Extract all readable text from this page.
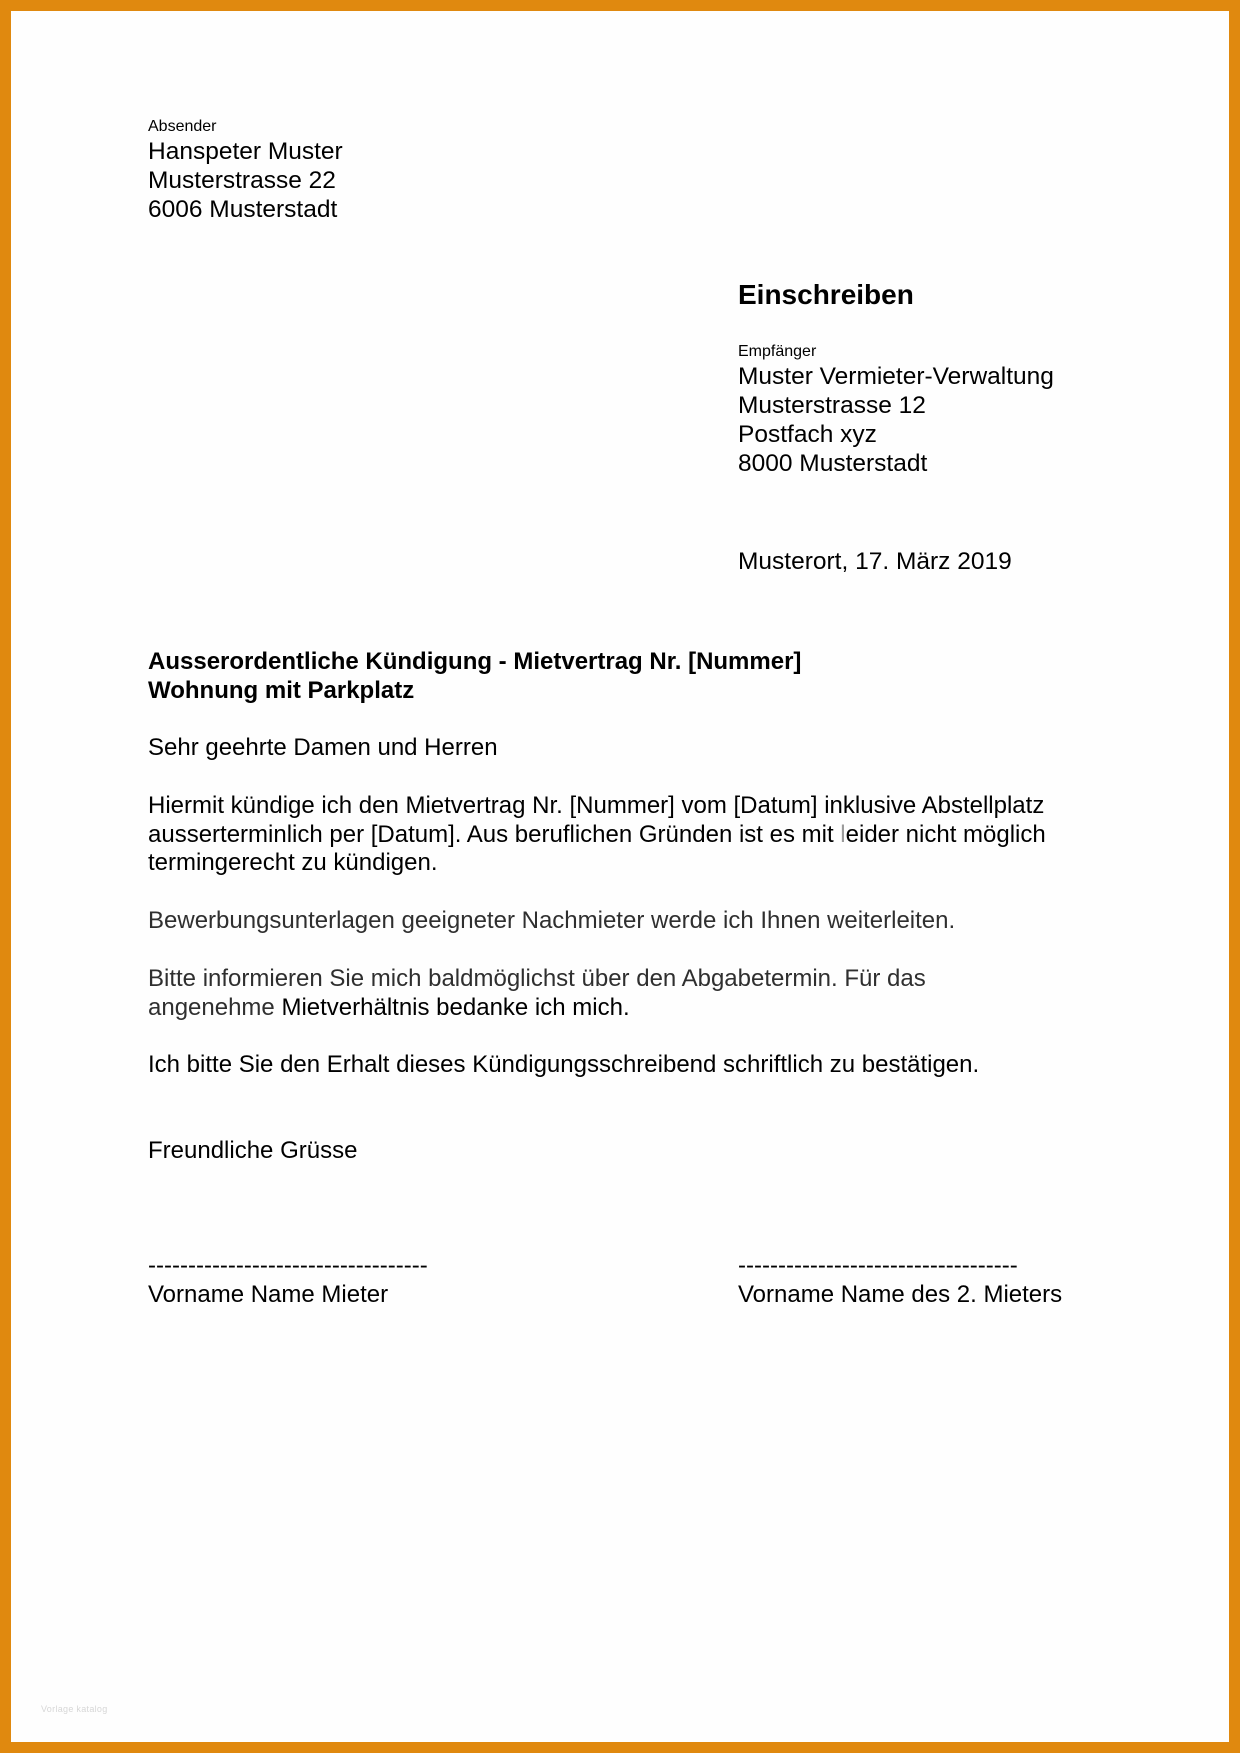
Absender
Hanspeter Muster
Musterstrasse 22
6006 Musterstadt
Einschreiben
Empfänger
Muster Vermieter-Verwaltung
Musterstrasse 12
Postfach xyz
8000 Musterstadt
Musterort, 17. März 2019
Ausserordentliche Kündigung - Mietvertrag Nr. [Nummer]
Wohnung mit Parkplatz
Sehr geehrte Damen und Herren
Hiermit kündige ich den Mietvertrag Nr. [Nummer] vom [Datum] inklusive Abstellplatz
ausserterminlich per [Datum]. Aus beruflichen Gründen ist es mit leider nicht möglich
termingerecht zu kündigen.
Bewerbungsunterlagen geeigneter Nachmieter werde ich Ihnen weiterleiten.
Bitte informieren Sie mich baldmöglichst über den Abgabetermin. Für das
angenehme Mietverhältnis bedanke ich mich.
Ich bitte Sie den Erhalt dieses Kündigungsschreibend schriftlich zu bestätigen.
Freundliche Grüsse
-----------------------------------
Vorname Name Mieter
-----------------------------------
Vorname Name des 2. Mieters
Vorlage katalog
